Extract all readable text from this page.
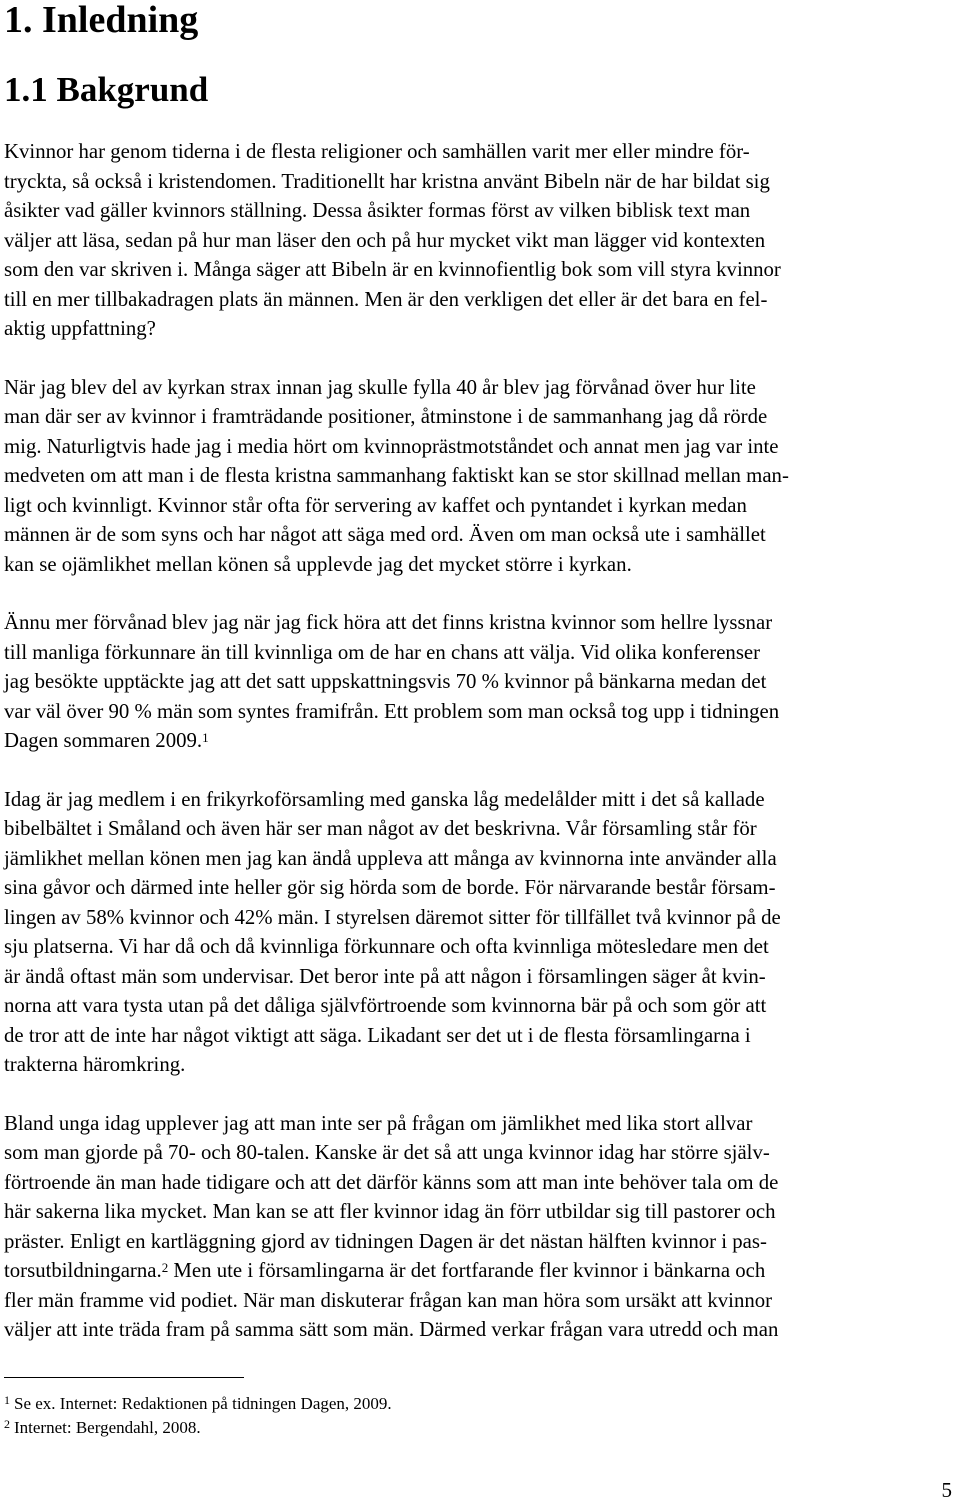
1. Inledning
1.1 Bakgrund
Kvinnor har genom tiderna i de flesta religioner och samhällen varit mer eller mindre för-
tryckta, så också i kristendomen. Traditionellt har kristna använt Bibeln när de har bildat sig
åsikter vad gäller kvinnors ställning. Dessa åsikter formas först av vilken biblisk text man
väljer att läsa, sedan på hur man läser den och på hur mycket vikt man lägger vid kontexten
som den var skriven i. Många säger att Bibeln är en kvinnofientlig bok som vill styra kvinnor
till en mer tillbakadragen plats än männen. Men är den verkligen det eller är det bara en fel-
aktig uppfattning?
När jag blev del av kyrkan strax innan jag skulle fylla 40 år blev jag förvånad över hur lite
man där ser av kvinnor i framträdande positioner, åtminstone i de sammanhang jag då rörde
mig. Naturligtvis hade jag i media hört om kvinnoprästmotståndet och annat men jag var inte
medveten om att man i de flesta kristna sammanhang faktiskt kan se stor skillnad mellan man-
ligt och kvinnligt. Kvinnor står ofta för servering av kaffet och pyntandet i kyrkan medan
männen är de som syns och har något att säga med ord. Även om man också ute i samhället
kan se ojämlikhet mellan könen så upplevde jag det mycket större i kyrkan.
Ännu mer förvånad blev jag när jag fick höra att det finns kristna kvinnor som hellre lyssnar
till manliga förkunnare än till kvinnliga om de har en chans att välja. Vid olika konferenser
jag besökte upptäckte jag att det satt uppskattningsvis 70 % kvinnor på bänkarna medan det
var väl över 90 % män som syntes framifrån. Ett problem som man också tog upp i tidningen
Dagen sommaren 2009.$^1$
Idag är jag medlem i en frikyrkoförsamling med ganska låg medelålder mitt i det så kallade
bibelbältet i Småland och även här ser man något av det beskrivna. Vår församling står för
jämlikhet mellan könen men jag kan ändå uppleva att många av kvinnorna inte använder alla
sina gåvor och därmed inte heller gör sig hörda som de borde. För närvarande består försam-
lingen av 58% kvinnor och 42% män. I styrelsen däremot sitter för tillfället två kvinnor på de
sju platserna. Vi har då och då kvinnliga förkunnare och ofta kvinnliga mötesledare men det
är ändå oftast män som undervisar. Det beror inte på att någon i församlingen säger åt kvin-
norna att vara tysta utan på det dåliga självförtroende som kvinnorna bär på och som gör att
de tror att de inte har något viktigt att säga. Likadant ser det ut i de flesta församlingarna i
trakterna häromkring.
Bland unga idag upplever jag att man inte ser på frågan om jämlikhet med lika stort allvar
som man gjorde på 70- och 80-talen. Kanske är det så att unga kvinnor idag har större själv-
förtroende än man hade tidigare och att det därför känns som att man inte behöver tala om de
här sakerna lika mycket. Man kan se att fler kvinnor idag än förr utbildar sig till pastorer och
präster. Enligt en kartläggning gjord av tidningen Dagen är det nästan hälften kvinnor i pas-
torsutbildningarna.$^2$ Men ute i församlingarna är det fortfarande fler kvinnor i bänkarna och
fler män framme vid podiet. När man diskuterar frågan kan man höra som ursäkt att kvinnor
väljer att inte träda fram på samma sätt som män. Därmed verkar frågan vara utredd och man
$^1$ Se ex. Internet: Redaktionen på tidningen Dagen, 2009.
$^2$ Internet: Bergendahl, 2008.
5
